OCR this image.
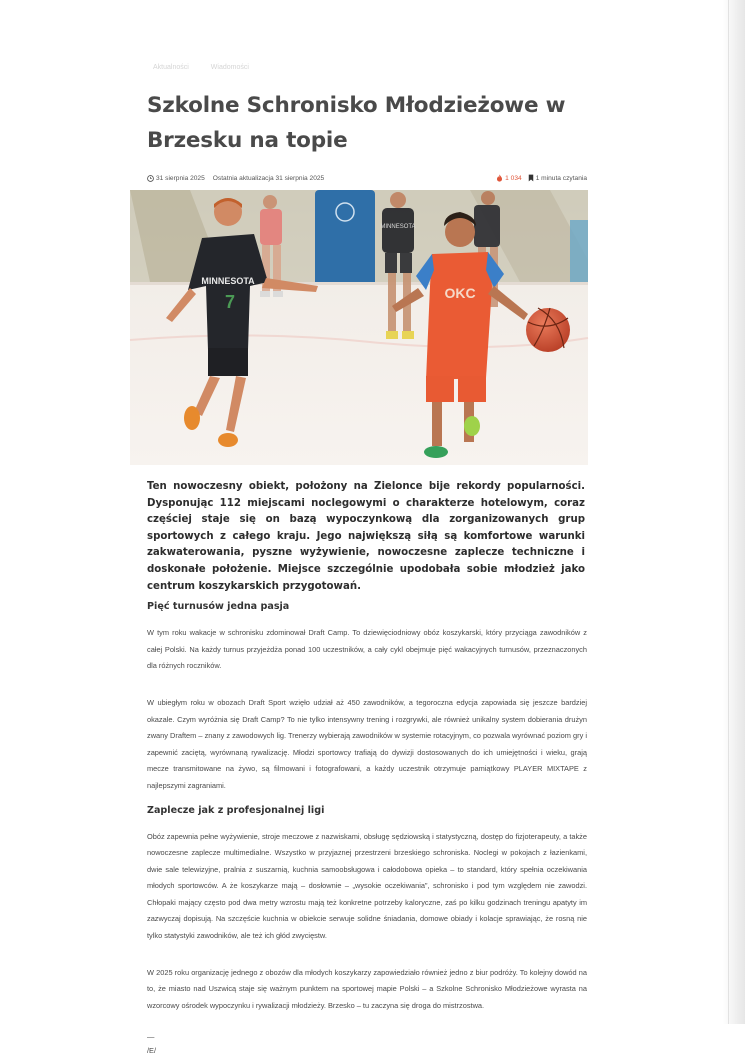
Aktualności	Wiadomości
Szkolne Schronisko Młodzieżowe w Brzesku na topie
31 sierpnia 2025 Ostatnia aktualizacja 31 sierpnia 2025	1 034 1 minuta czytania
MINNESOTA
MINNESOTA
7	OKC

Ten nowoczesny obiekt, położony na Zielonce bije rekordy popularności. Dysponując 112 miejscami noclegowymi o charakterze hotelowym, coraz częściej staje się on bazą wypoczynkową dla zorganizowanych grup sportowych z całego kraju. Jego największą siłą są komfortowe warunki zakwaterowania, pyszne wyżywienie, nowoczesne zaplecze techniczne i doskonałe położenie. Miejsce szczególnie upodobała sobie młodzież jako centrum koszykarskich przygotowań.

Pięć turnusów jedna pasja

W tym roku wakacje w schronisku zdominował Draft Camp. To dziewięciodniowy obóz koszykarski, który przyciąga zawodników z całej Polski. Na każdy turnus przyjeżdża ponad 100 uczestników, a cały cykl obejmuje pięć wakacyjnych turnusów, przeznaczonych dla różnych roczników.

W ubiegłym roku w obozach Draft Sport wzięło udział aż 450 zawodników, a tegoroczna edycja zapowiada się jeszcze bardziej okazale. Czym wyróżnia się Draft Camp? To nie tylko intensywny trening i rozgrywki, ale również unikalny system dobierania drużyn zwany Draftem – znany z zawodowych lig. Trenerzy wybierają zawodników w systemie rotacyjnym, co pozwala wyrównać poziom gry i zapewnić zaciętą, wyrównaną rywalizację. Młodzi sportowcy trafiają do dywizji dostosowanych do ich umiejętności i wieku, grają mecze transmitowane na żywo, są filmowani i fotografowani, a każdy uczestnik otrzymuje pamiątkowy PLAYER MIXTAPE z najlepszymi zagraniami.

Zaplecze jak z profesjonalnej ligi

Obóz zapewnia pełne wyżywienie, stroje meczowe z nazwiskami, obsługę sędziowską i statystyczną, dostęp do fizjoterapeuty, a także nowoczesne zaplecze multimedialne. Wszystko w przyjaznej przestrzeni brzeskiego schroniska. Noclegi w pokojach z łazienkami, dwie sale telewizyjne, pralnia z suszarnią, kuchnia samoobsługowa i całodobowa opieka – to standard, który spełnia oczekiwania młodych sportowców. A że koszykarze mają – dosłownie – „wysokie oczekiwania”, schronisko i pod tym względem nie zawodzi. Chłopaki mający często pod dwa metry wzrostu mają też konkretne potrzeby kaloryczne, zaś po kilku godzinach treningu apatyty im zazwyczaj dopisują. Na szczęście kuchnia w obiekcie serwuje solidne śniadania, domowe obiady i kolacje sprawiając, że rosną nie tylko statystyki zawodników, ale też ich głód zwycięstw.

W 2025 roku organizację jednego z obozów dla młodych koszykarzy zapowiedziało również jedno z biur podróży. To kolejny dowód na to, że miasto nad Uszwicą staje się ważnym punktem na sportowej mapie Polski – a Szkolne Schronisko Młodzieżowe wyrasta na wzorcowy ośrodek wypoczynku i rywalizacji młodzieży. Brzesko – tu zaczyna się droga do mistrzostwa.

—
/E/
